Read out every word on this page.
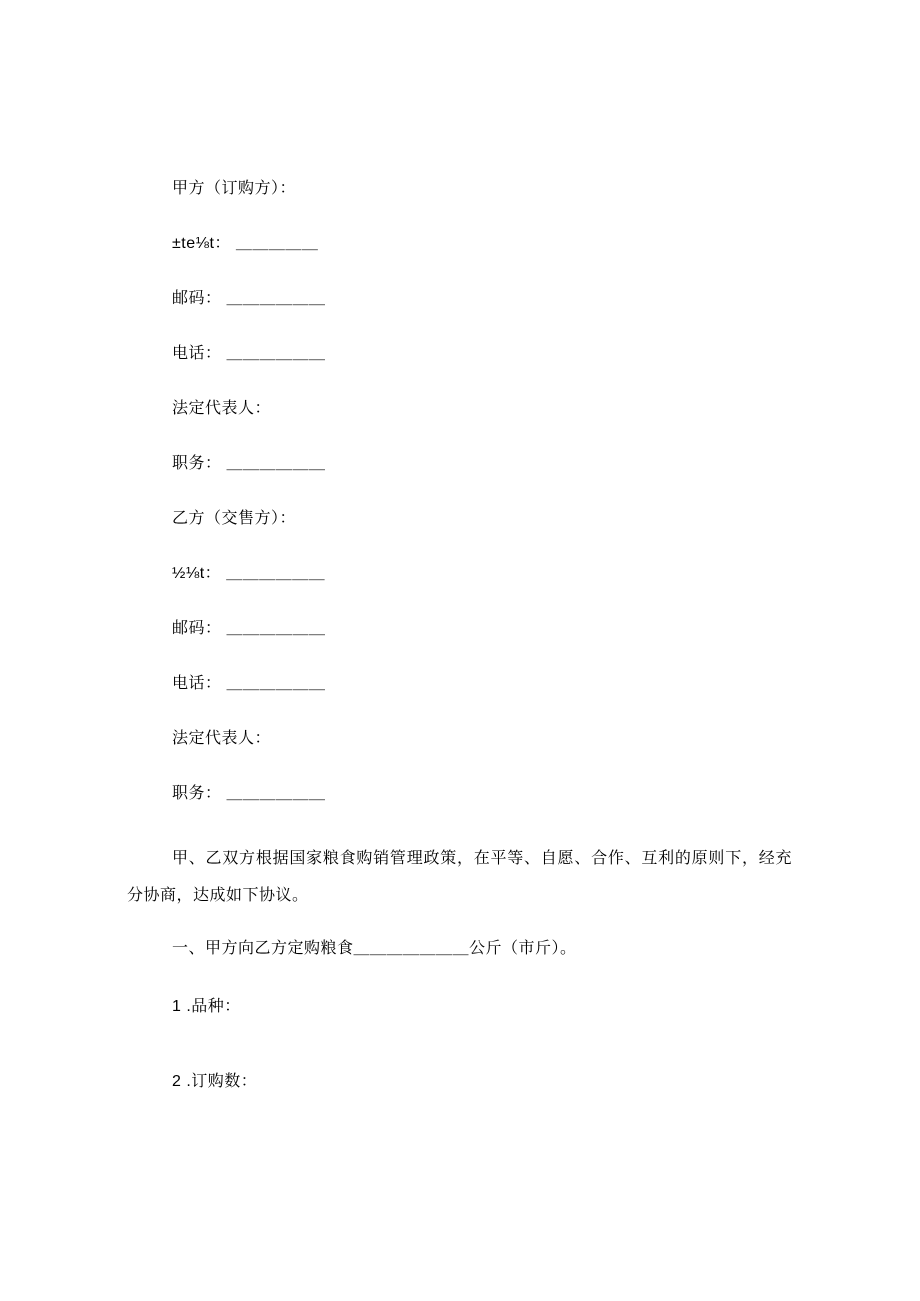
甲方（订购方）：
±te⅛t： ＿＿＿＿＿
邮码： ＿＿＿＿＿＿
电话： ＿＿＿＿＿＿
法定代表人：
职务： ＿＿＿＿＿＿
乙方（交售方）：
½⅛t： ＿＿＿＿＿＿
邮码： ＿＿＿＿＿＿
电话： ＿＿＿＿＿＿
法定代表人：
职务： ＿＿＿＿＿＿
甲、乙双方根据国家粮食购销管理政策，在平等、自愿、合作、互利的原则下，经充分协商，达成如下协议。
一、甲方向乙方定购粮食＿＿＿＿＿＿＿公斤（市斤）。
1 .品种：
2 .订购数：
